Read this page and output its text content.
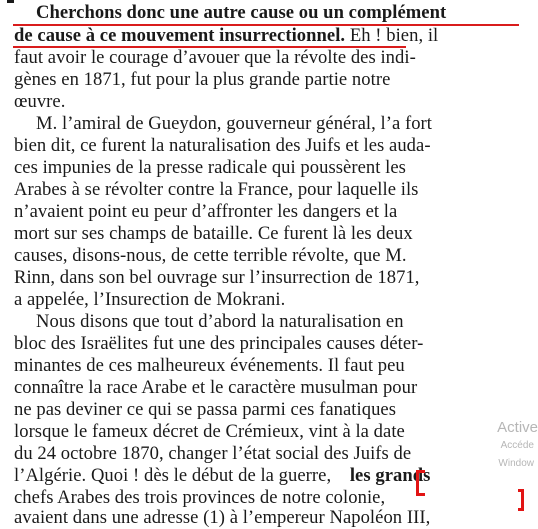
Cherchons donc une autre cause ou un complément
de cause à ce mouvement insurrectionnel. Eh ! bien, il
faut avoir le courage d’avouer que la révolte des indi-
gènes en 1871, fut pour la plus grande partie notre
œuvre.
M. l’amiral de Gueydon, gouverneur général, l’a fort
bien dit, ce furent la naturalisation des Juifs et les auda-
ces impunies de la presse radicale qui poussèrent les
Arabes à se révolter contre la France, pour laquelle ils
n’avaient point eu peur d’affronter les dangers et la
mort sur ses champs de bataille. Ce furent là les deux
causes, disons-nous, de cette terrible révolte, que M.
Rinn, dans son bel ouvrage sur l’insurrection de 1871,
a appelée, l’Insurection de Mokrani.
Nous disons que tout d’abord la naturalisation en
bloc des Israëlites fut une des principales causes déter-
minantes de ces malheureux événements. Il faut peu
connaître la race Arabe et le caractère musulman pour
ne pas deviner ce qui se passa parmi ces fanatiques
lorsque le fameux décret de Crémieux, vint à la date
du 24 octobre 1870, changer l’état social des Juifs de
l’Algérie. Quoi ! dès le début de la guerre, les grands
chefs Arabes des trois provinces de notre colonie,
avaient dans une adresse (1) à l’empereur Napoléon III,
Active
Accéde
Window
